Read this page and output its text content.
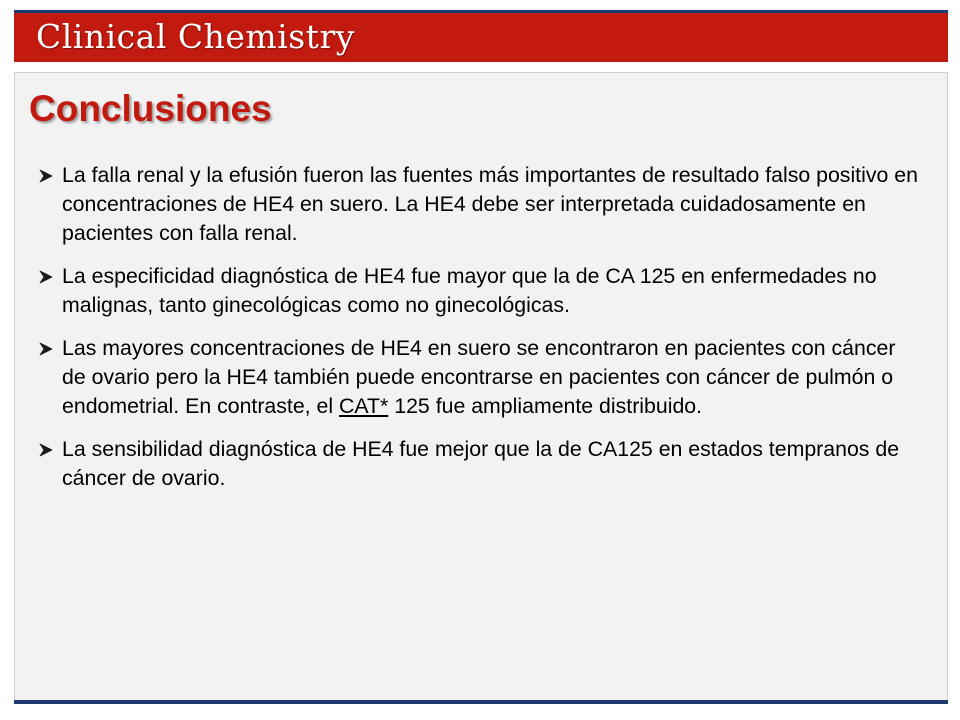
Clinical Chemistry
Conclusiones
La falla renal y la efusión fueron las fuentes más importantes de resultado falso positivo en concentraciones de HE4 en suero. La HE4 debe ser interpretada cuidadosamente en pacientes con falla renal.
La especificidad diagnóstica de HE4 fue mayor que la de CA 125 en enfermedades no malignas, tanto ginecológicas como no ginecológicas.
Las mayores concentraciones de HE4 en suero se encontraron en pacientes con cáncer de ovario pero la HE4 también puede encontrarse en pacientes con cáncer de pulmón o endometrial. En contraste, el CAT* 125 fue ampliamente distribuido.
La sensibilidad diagnóstica de HE4 fue mejor que la de CA125 en estados tempranos de cáncer de ovario.
